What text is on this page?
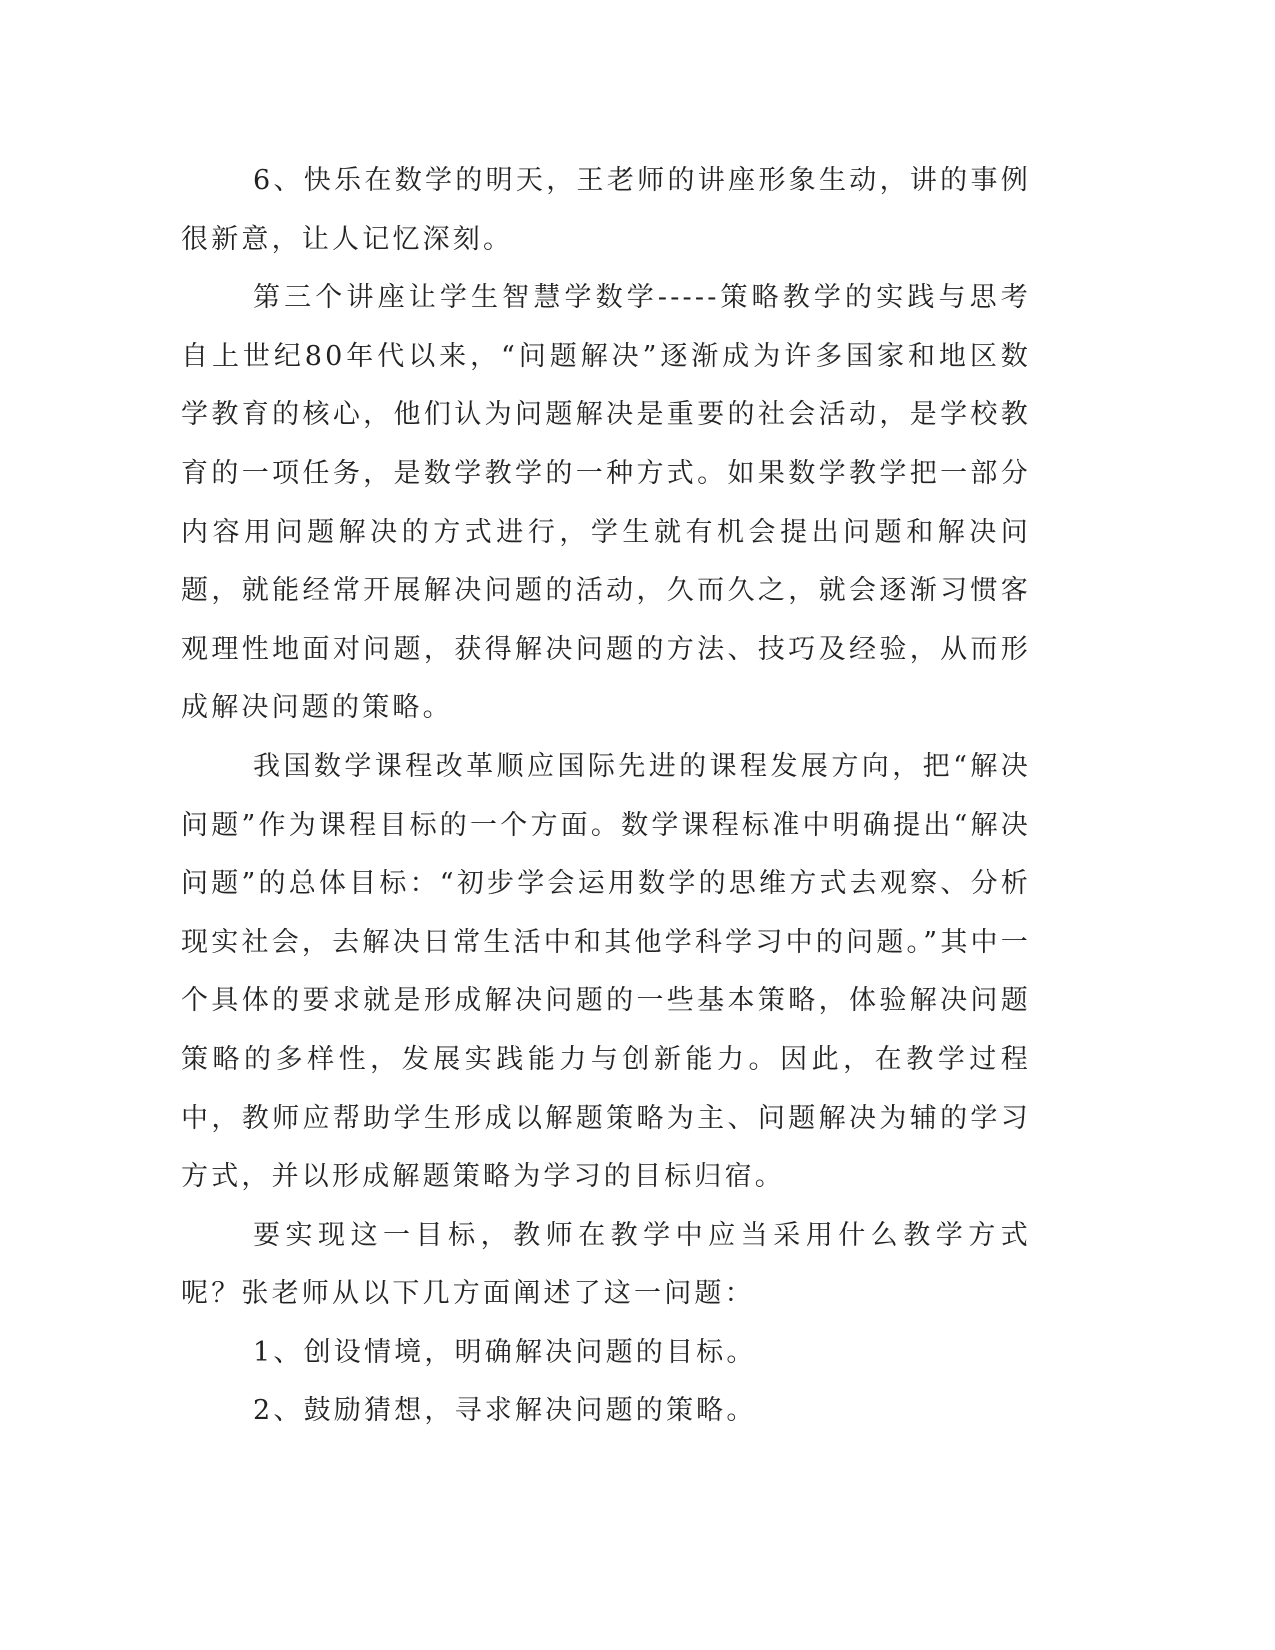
6、快乐在数学的明天，王老师的讲座形象生动，讲的事例很新意，让人记忆深刻。

第三个讲座让学生智慧学数学-----策略教学的实践与思考自上世纪80年代以来，“问题解决”逐渐成为许多国家和地区数学教育的核心，他们认为问题解决是重要的社会活动，是学校教育的一项任务，是数学教学的一种方式。如果数学教学把一部分内容用问题解决的方式进行，学生就有机会提出问题和解决问题，就能经常开展解决问题的活动，久而久之，就会逐渐习惯客观理性地面对问题，获得解决问题的方法、技巧及经验，从而形成解决问题的策略。

我国数学课程改革顺应国际先进的课程发展方向，把“解决问题”作为课程目标的一个方面。数学课程标准中明确提出“解决问题”的总体目标：“初步学会运用数学的思维方式去观察、分析现实社会，去解决日常生活中和其他学科学习中的问题。”其中一个具体的要求就是形成解决问题的一些基本策略，体验解决问题策略的多样性，发展实践能力与创新能力。因此，在教学过程中，教师应帮助学生形成以解题策略为主、问题解决为辅的学习方式，并以形成解题策略为学习的目标归宿。

要实现这一目标，教师在教学中应当采用什么教学方式呢？张老师从以下几方面阐述了这一问题：

1、创设情境，明确解决问题的目标。

2、鼓励猜想，寻求解决问题的策略。
